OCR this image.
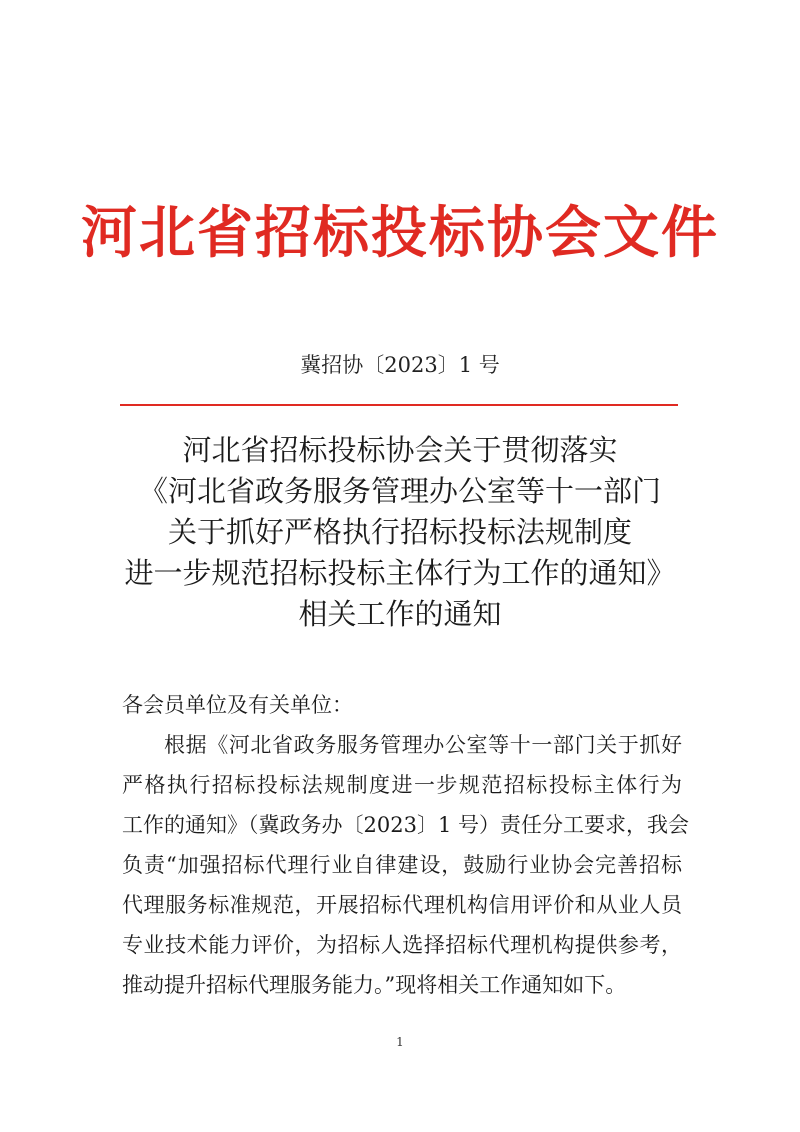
河北省招标投标协会文件
冀招协〔2023〕1 号
河北省招标投标协会关于贯彻落实
《河北省政务服务管理办公室等十一部门
关于抓好严格执行招标投标法规制度
进一步规范招标投标主体行为工作的通知》
相关工作的通知
各会员单位及有关单位：
根据《河北省政务服务管理办公室等十一部门关于抓好
严格执行招标投标法规制度进一步规范招标投标主体行为
工作的通知》（冀政务办〔2023〕1 号）责任分工要求，我会
负责“加强招标代理行业自律建设，鼓励行业协会完善招标
代理服务标准规范，开展招标代理机构信用评价和从业人员
专业技术能力评价，为招标人选择招标代理机构提供参考，
推动提升招标代理服务能力。”现将相关工作通知如下。
1
